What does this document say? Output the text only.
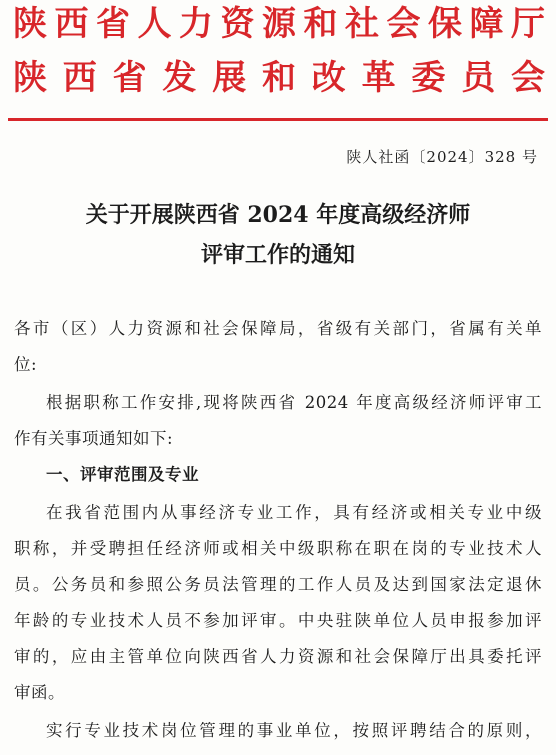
陕西省人力资源和社会保障厅
陕西省发展和改革委员会
陕人社函〔2024〕328 号
关于开展陕西省 2024 年度高级经济师
评审工作的通知
各市（区）人力资源和社会保障局，省级有关部门，省属有关单
位:
根据职称工作安排,现将陕西省 2024 年度高级经济师评审工
作有关事项通知如下:
一、评审范围及专业
在我省范围内从事经济专业工作，具有经济或相关专业中级
职称，并受聘担任经济师或相关中级职称在职在岗的专业技术人
员。公务员和参照公务员法管理的工作人员及达到国家法定退休
年龄的专业技术人员不参加评审。中央驻陕单位人员申报参加评
审的，应由主管单位向陕西省人力资源和社会保障厅出具委托评
审函。
实行专业技术岗位管理的事业单位，按照评聘结合的原则，
